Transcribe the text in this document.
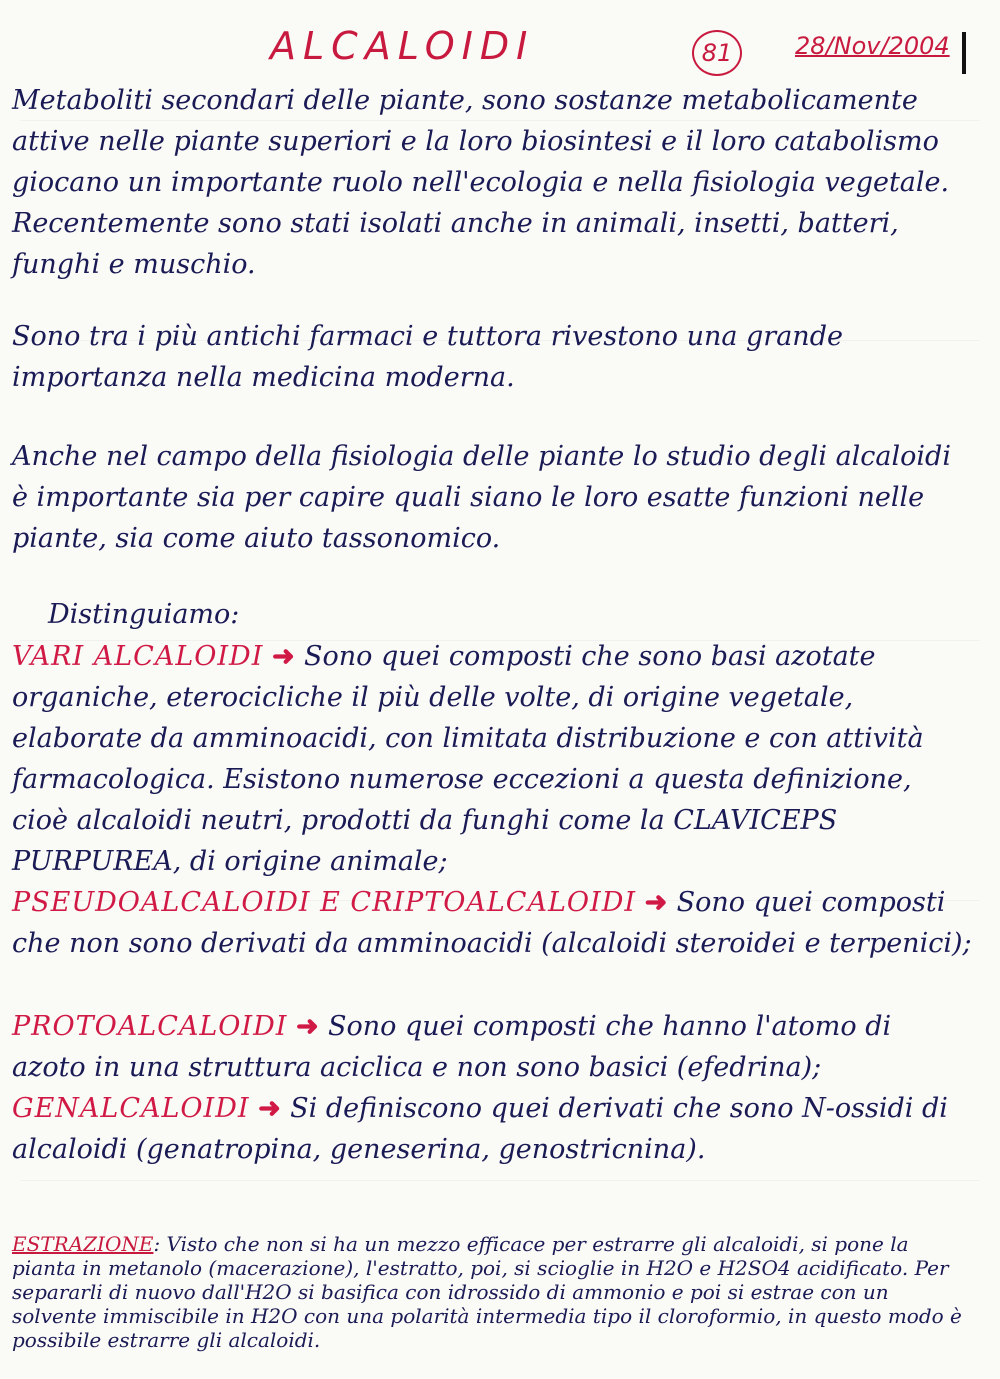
ALCALOIDI	81	28/Nov/2004

Metaboliti secondari delle piante, sono sostanze metabolicamente attive nelle piante superiori e la loro biosintesi e il loro catabolismo giocano un importante ruolo nell'ecologia e nella fisiologia vegetale. Recentemente sono stati isolati anche in animali, insetti, batteri, funghi e muschio.

Sono tra i più antichi farmaci e tuttora rivestono una grande importanza nella medicina moderna.

Anche nel campo della fisiologia delle piante lo studio degli alcaloidi è importante sia per capire quali siano le loro esatte funzioni nelle piante, sia come aiuto tassonomico.

Distinguiamo:

VARI ALCALOIDI ➜ Sono quei composti che sono basi azotate organiche, eterocicliche il più delle volte, di origine vegetale, elaborate da amminoacidi, con limitata distribuzione e con attività farmacologica. Esistono numerose eccezioni a questa definizione, cioè alcaloidi neutri, prodotti da funghi come la CLAVICEPS PURPUREA, di origine animale;
PSEUDOALCALOIDI E CRIPTOALCALOIDI ➜ Sono quei composti che non sono derivati da amminoacidi (alcaloidi steroidei e terpenici);
PROTOALCALOIDI ➜ Sono quei composti che hanno l'atomo di azoto in una struttura aciclica e non sono basici (efedrina);
GENALCALOIDI ➜ Si definiscono quei derivati che sono N-ossidi di alcaloidi (genatropina, geneserina, genostricnina).
ESTRAZIONE: Visto che non si ha un mezzo efficace per estrarre gli alcaloidi, si pone la pianta in metanolo (macerazione), l'estratto, poi, si scioglie in H2O e H2SO4 acidificato. Per separarli di nuovo dall'H2O si basifica con idrossido di ammonio e poi si estrae con un solvente immiscibile in H2O con una polarità intermedia tipo il cloroformio, in questo modo è possibile estrarre gli alcaloidi.
